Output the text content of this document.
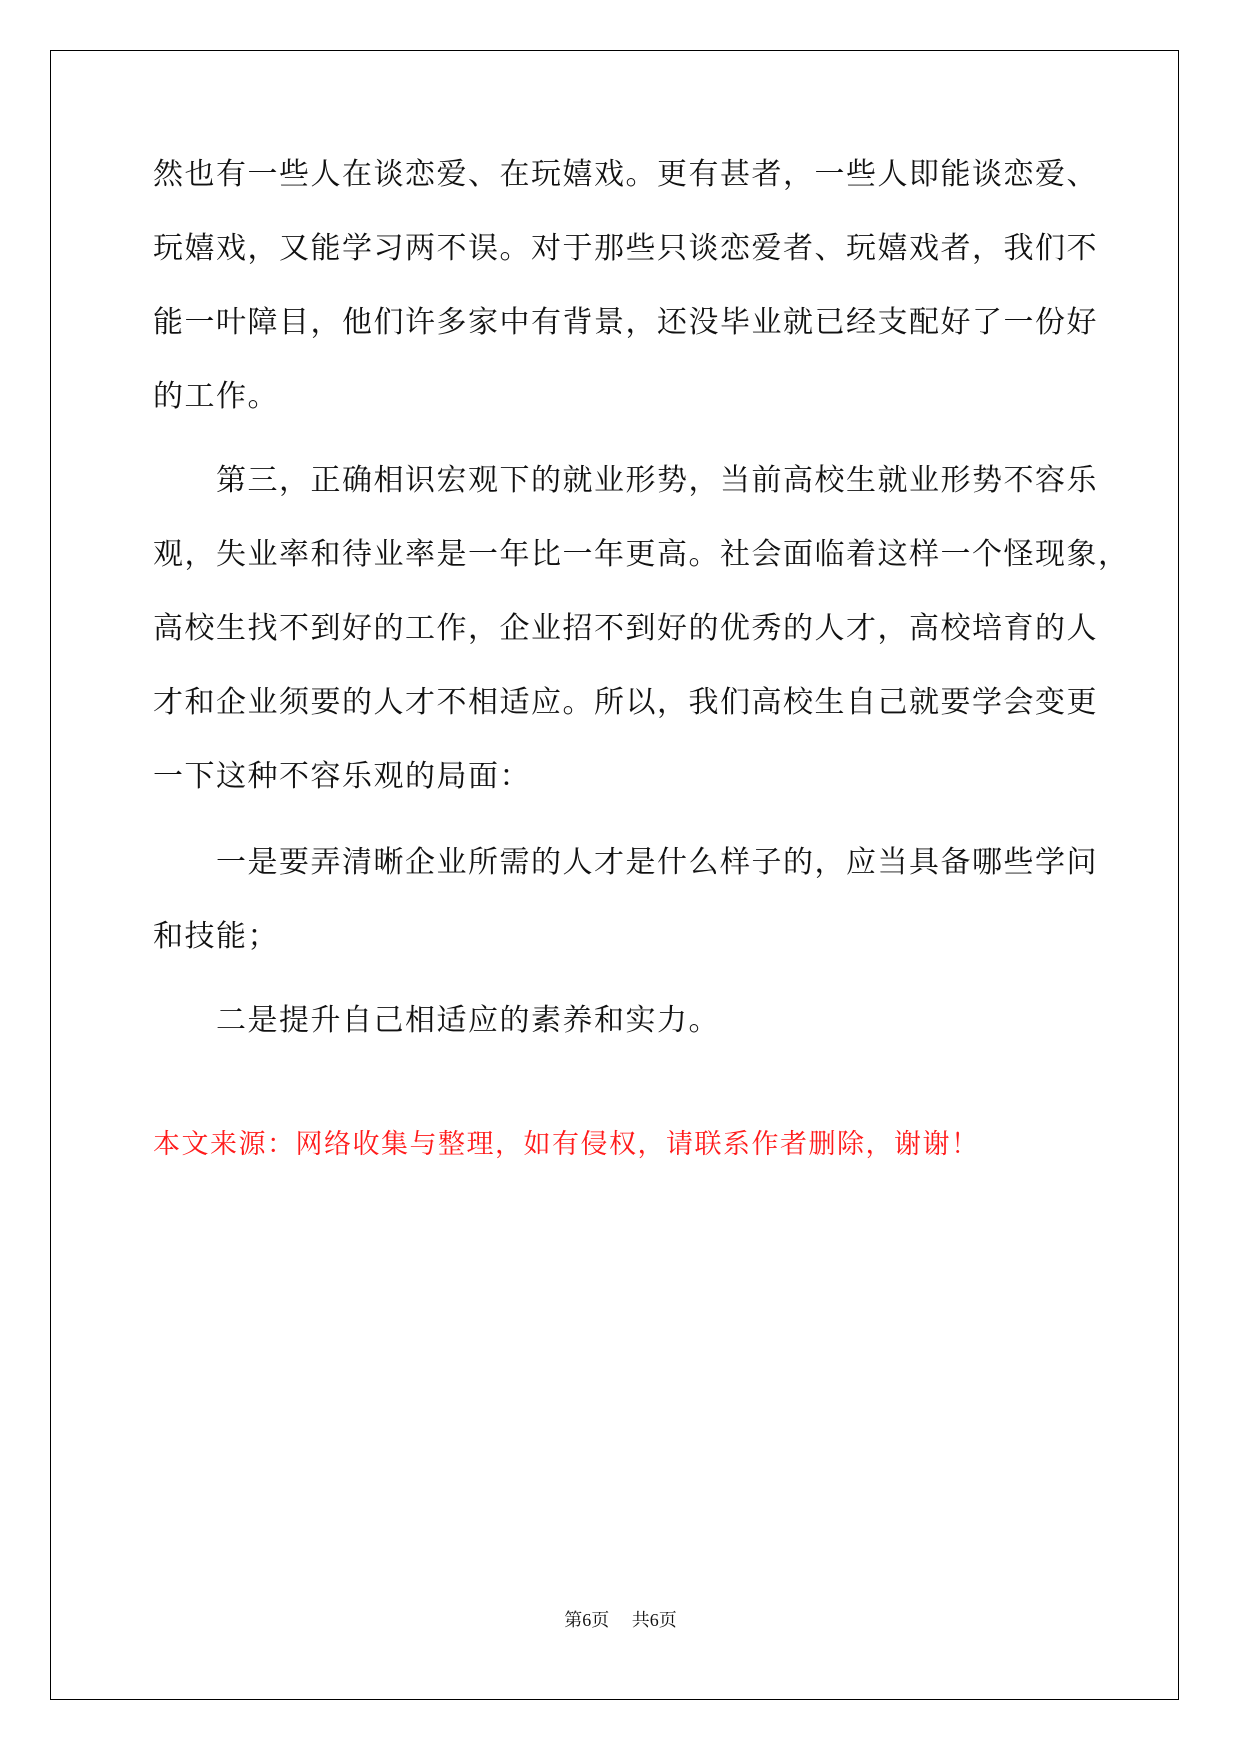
然也有一些人在谈恋爱、在玩嬉戏。更有甚者，一些人即能谈恋爱、
玩嬉戏，又能学习两不误。对于那些只谈恋爱者、玩嬉戏者，我们不
能一叶障目，他们许多家中有背景，还没毕业就已经支配好了一份好
的工作。
第三，正确相识宏观下的就业形势，当前高校生就业形势不容乐
观，失业率和待业率是一年比一年更高。社会面临着这样一个怪现象，
高校生找不到好的工作，企业招不到好的优秀的人才，高校培育的人
才和企业须要的人才不相适应。所以，我们高校生自己就要学会变更
一下这种不容乐观的局面：
一是要弄清晰企业所需的人才是什么样子的，应当具备哪些学问
和技能；
二是提升自己相适应的素养和实力。
本文来源：网络收集与整理，如有侵权，请联系作者删除，谢谢！
第6页 共6页
